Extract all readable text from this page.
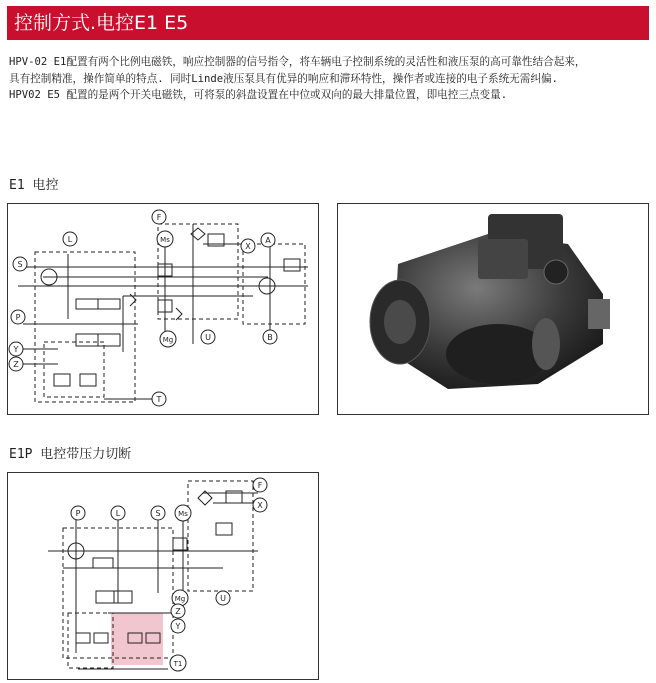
控制方式.电控E1 E5

HPV-02 E1配置有两个比例电磁铁，响应控制器的信号指令，将车辆电子控制系统的灵活性和液压泵的高可靠性结合起来，

具有控制精准，操作简单的特点. 同时Linde液压泵具有优异的响应和滞环特性，操作者或连接的电子系统无需纠偏.

HPV02 E5 配置的是两个开关电磁铁，可将泵的斜盘设置在中位或双向的最大排量位置，即电控三点变量.

E1 电控
S
L
F
Ms
X
A
P
Y
Z
T
Mg	U	B
E1P 电控带压力切断
P	L	S	Ms
F
X
Mg	U
Z
Y
T1
